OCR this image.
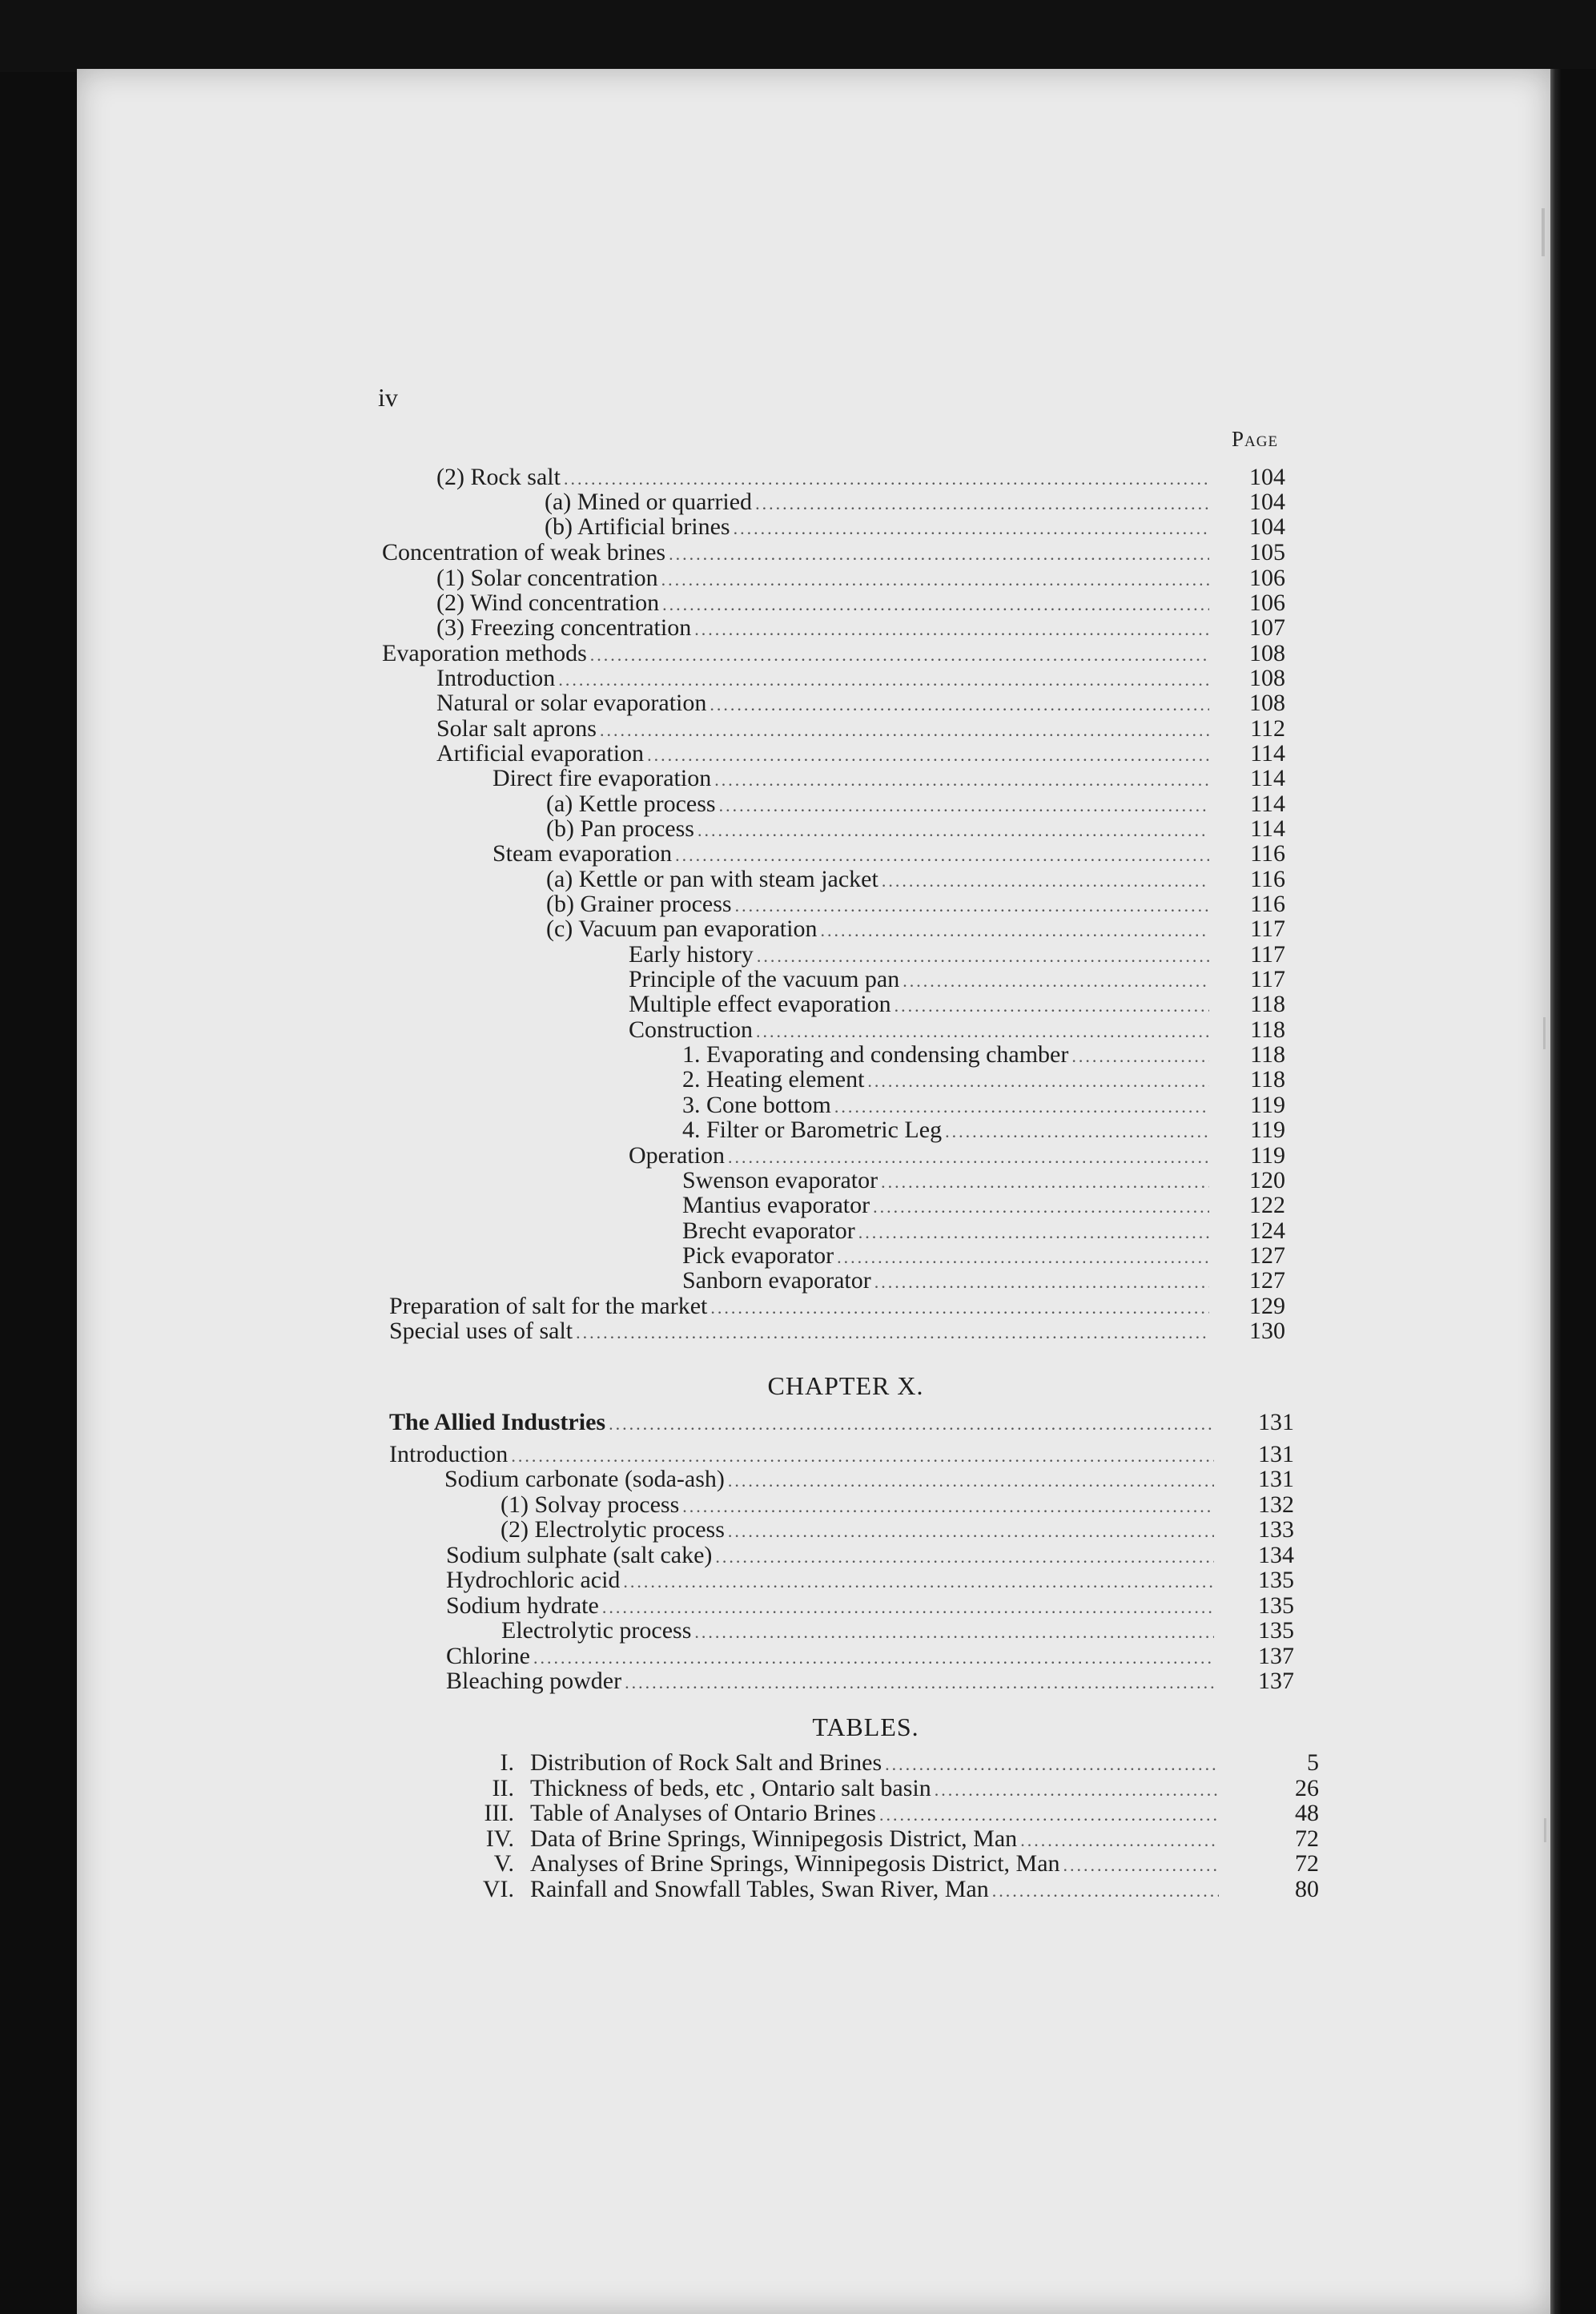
iv
Page
(2) Rock salt .....	104
(a) Mined or quarried .....	104
(b) Artificial brines .....	104
Concentration of weak brines .....	105
(1) Solar concentration .....	106
(2) Wind concentration .....	106
(3) Freezing concentration .....	107
Evaporation methods .....	108
Introduction .....	108
Natural or solar evaporation .....	108
Solar salt aprons .....	112
Artificial evaporation .....	114
Direct fire evaporation .....	114
(a) Kettle process .....	114
(b) Pan process .....	114
Steam evaporation .....	116
(a) Kettle or pan with steam jacket .....	116
(b) Grainer process .....	116
(c) Vacuum pan evaporation .....	117
Early history .....	117
Principle of the vacuum pan .....	117
Multiple effect evaporation .....	118
Construction .....	118
1. Evaporating and condensing chamber .....	118
2. Heating element .....	118
3. Cone bottom .....	119
4. Filter or Barometric Leg .....	119
Operation .....	119
Swenson evaporator .....	120
Mantius evaporator .....	122
Brecht evaporator .....	124
Pick evaporator .....	127
Sanborn evaporator .....	127
Preparation of salt for the market .....	129
Special uses of salt .....	130
CHAPTER X.
The Allied Industries .....	131
Introduction .....	131
Sodium carbonate (soda-ash) .....	131
(1) Solvay process .....	132
(2) Electrolytic process .....	133
Sodium sulphate (salt cake) .....	134
Hydrochloric acid .....	135
Sodium hydrate .....	135
Electrolytic process .....	135
Chlorine .....	137
Bleaching powder .....	137
TABLES.
I. Distribution of Rock Salt and Brines .....	5
II. Thickness of beds, etc , Ontario salt basin .....	26
III. Table of Analyses of Ontario Brines .....	48
IV. Data of Brine Springs, Winnipegosis District, Man .....	72
V. Analyses of Brine Springs, Winnipegosis District, Man .....	72
VI. Rainfall and Snowfall Tables, Swan River, Man .....	80
